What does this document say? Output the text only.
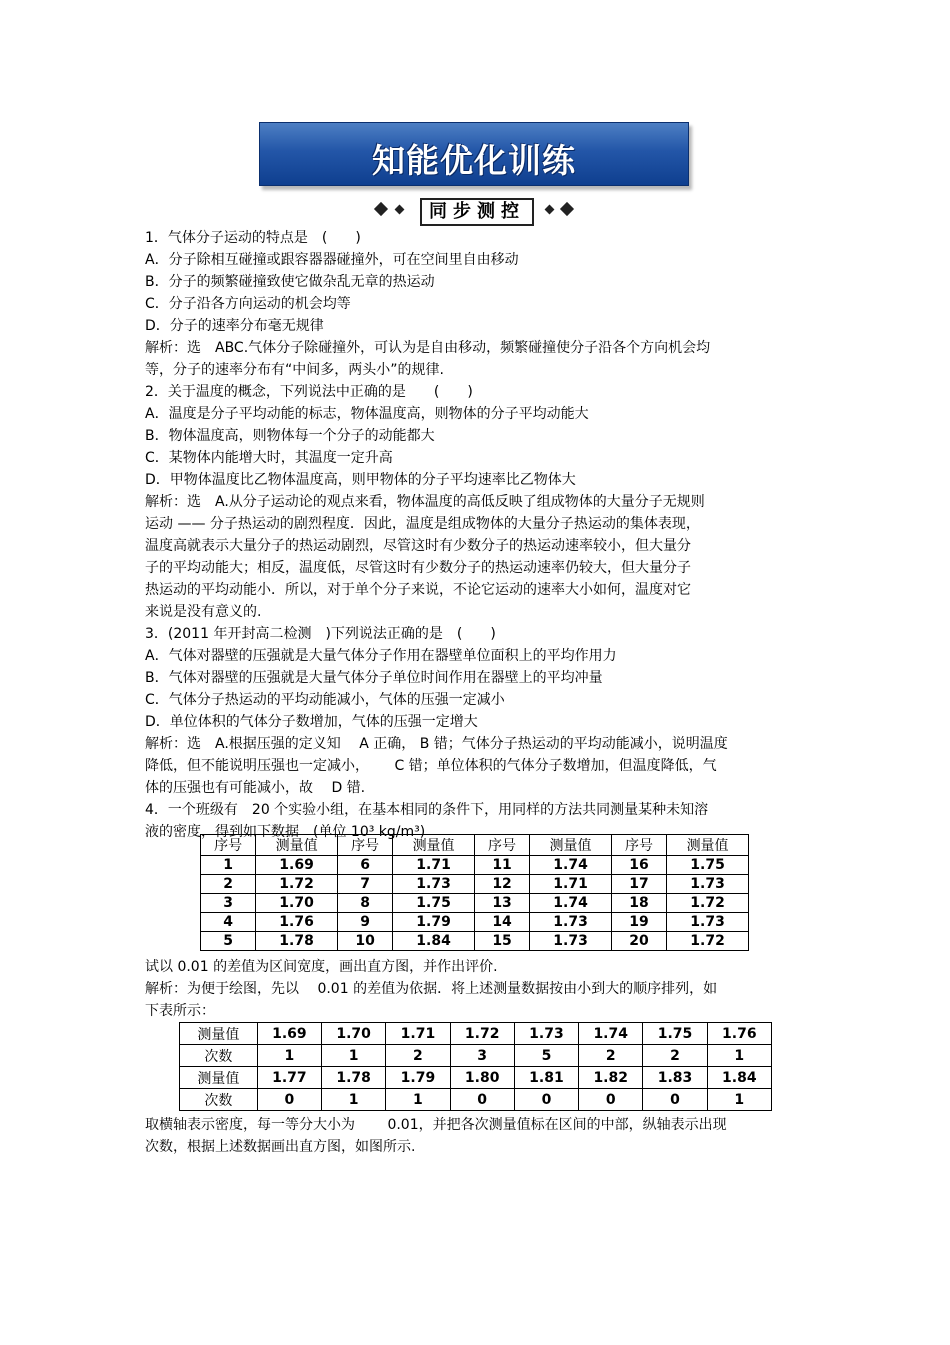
知能优化训练
同步测控
1．气体分子运动的特点是　(　　)
A．分子除相互碰撞或跟容器器碰撞外，可在空间里自由移动
B．分子的频繁碰撞致使它做杂乱无章的热运动
C．分子沿各方向运动的机会均等
D．分子的速率分布毫无规律
解析：选　ABC.气体分子除碰撞外，可认为是自由移动，频繁碰撞使分子沿各个方向机会均
等，分子的速率分布有“中间多，两头小”的规律.
2．关于温度的概念，下列说法中正确的是　　(　　)
A．温度是分子平均动能的标志，物体温度高，则物体的分子平均动能大
B．物体温度高，则物体每一个分子的动能都大
C．某物体内能增大时，其温度一定升高
D．甲物体温度比乙物体温度高，则甲物体的分子平均速率比乙物体大
解析：选　A.从分子运动论的观点来看，物体温度的高低反映了组成物体的大量分子无规则
运动 —— 分子热运动的剧烈程度．因此，温度是组成物体的大量分子热运动的集体表现，
温度高就表示大量分子的热运动剧烈，尽管这时有少数分子的热运动速率较小，但大量分
子的平均动能大；相反，温度低，尽管这时有少数分子的热运动速率仍较大，但大量分子
热运动的平均动能小．所以，对于单个分子来说，不论它运动的速率大小如何，温度对它
来说是没有意义的.
3．(2011 年开封高二检测　)下列说法正确的是　(　　)
A．气体对器壁的压强就是大量气体分子作用在器壁单位面积上的平均作用力
B．气体对器壁的压强就是大量气体分子单位时间作用在器壁上的平均冲量
C．气体分子热运动的平均动能减小，气体的压强一定减小
D．单位体积的气体分子数增加，气体的压强一定增大
解析：选　A.根据压强的定义知　 A 正确， B 错；气体分子热运动的平均动能减小，说明温度
降低，但不能说明压强也一定减小，　　 C 错；单位体积的气体分子数增加，但温度降低，气
体的压强也有可能减小，故　 D 错.
4．一个班级有　20 个实验小组，在基本相同的条件下，用同样的方法共同测量某种未知溶
液的密度，得到如下数据　(单位 10³ kg/m³)
序号	测量值	序号	测量值	序号	测量值	序号	测量值
1	1.69	6	1.71	11	1.74	16	1.75
2	1.72	7	1.73	12	1.71	17	1.73
3	1.70	8	1.75	13	1.74	18	1.72
4	1.76	9	1.79	14	1.73	19	1.73
5	1.78	10	1.84	15	1.73	20	1.72
试以 0.01 的差值为区间宽度，画出直方图，并作出评价.
解析：为便于绘图，先以　 0.01 的差值为依据．将上述测量数据按由小到大的顺序排列，如
下表所示：
测量值	1.69	1.70	1.71	1.72	1.73	1.74	1.75	1.76
次数	1	1	2	3	5	2	2	1
测量值	1.77	1.78	1.79	1.80	1.81	1.82	1.83	1.84
次数	0	1	1	0	0	0	0	1
取横轴表示密度，每一等分大小为　　 0.01，并把各次测量值标在区间的中部，纵轴表示出现
次数，根据上述数据画出直方图，如图所示.
